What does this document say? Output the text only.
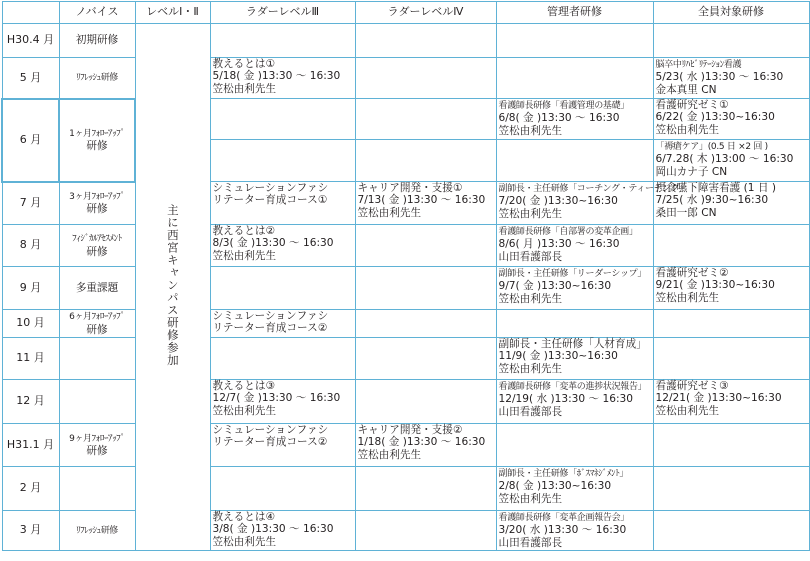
	ノバイス	レベルⅠ・Ⅱ	ラダーレベルⅢ	ラダーレベルⅣ	管理者研修	全員対象研修
H30.4 月	初期研修	主に西宮キャンパス研修参加				
5 月	ﾘﾌﾚｯｼｭ研修		教えるとは①
5/18( 金 )13:30 ～ 16:30
笠松由利先生			脳卒中ﾘﾊﾋﾞﾘﾃｰｼｮﾝ看護
5/23( 水 )13:30 ～ 16:30
金本真里 CN

6 月	1ヶ月ﾌｫﾛｰｱｯﾌﾟ
研修				看護師長研修「看護管理の基礎」
6/8( 金 )13:30 ～ 16:30
笠松由利先生	看護研究ゼミ①
6/22( 金 )13:30~16:30
笠松由利先生

						「褥瘡ケア」(0.5 日 ×2 回 )
6/7.28( 木 )13:00 ～ 16:30
岡山カナ子 CN

7 月	3ヶ月ﾌｫﾛｰｱｯﾌﾟ
研修		シミュレーションファシ
リテーター育成コース①	キャリア開発・支援①
7/13( 金 )13:30 ～ 16:30
笠松由利先生	副師長・主任研修「コーチング・ティーチング」
7/20( 金 )13:30~16:30
笠松由利先生	摂食嚥下障害看護 (1 日 )
7/25( 水 )9:30~16:30
桑田一郎 CN

8 月	ﾌｨｼﾞｶﾙｱｾｽﾒﾝﾄ
研修		教えるとは②
8/3( 金 )13:30 ～ 16:30
笠松由利先生		看護師長研修「自部署の変革企画」
8/6( 月 )13:30 ～ 16:30
山田看護部長	

9 月	多重課題				副師長・主任研修「リーダーシップ」
9/7( 金 )13:30~16:30
笠松由利先生	看護研究ゼミ②
9/21( 金 )13:30~16:30
笠松由利先生

10 月	6ヶ月ﾌｫﾛｰｱｯﾌﾟ
研修		シミュレーションファシ
リテーター育成コース②			

11 月					副師長・主任研修「人材育成」
11/9( 金 )13:30~16:30
笠松由利先生	

12 月			教えるとは③
12/7( 金 )13:30 ～ 16:30
笠松由利先生		看護師長研修「変革の進捗状況報告」
12/19( 水 )13:30 ～ 16:30
山田看護部長	看護研究ゼミ③
12/21( 金 )13:30~16:30
笠松由利先生

H31.1 月	9ヶ月ﾌｫﾛｰｱｯﾌﾟ
研修		シミュレーションファシ
リテーター育成コース②	キャリア開発・支援②
1/18( 金 )13:30 ～ 16:30
笠松由利先生		

2 月					副師長・主任研修「ﾎﾞｽﾏﾈｼﾞﾒﾝﾄ」
2/8( 金 )13:30~16:30
笠松由利先生	

3 月	ﾘﾌﾚｯｼｭ研修		教えるとは④
3/8( 金 )13:30 ～ 16:30
笠松由利先生		看護師長研修「変革企画報告会」
3/20( 水 )13:30 ～ 16:30
山田看護部長	
